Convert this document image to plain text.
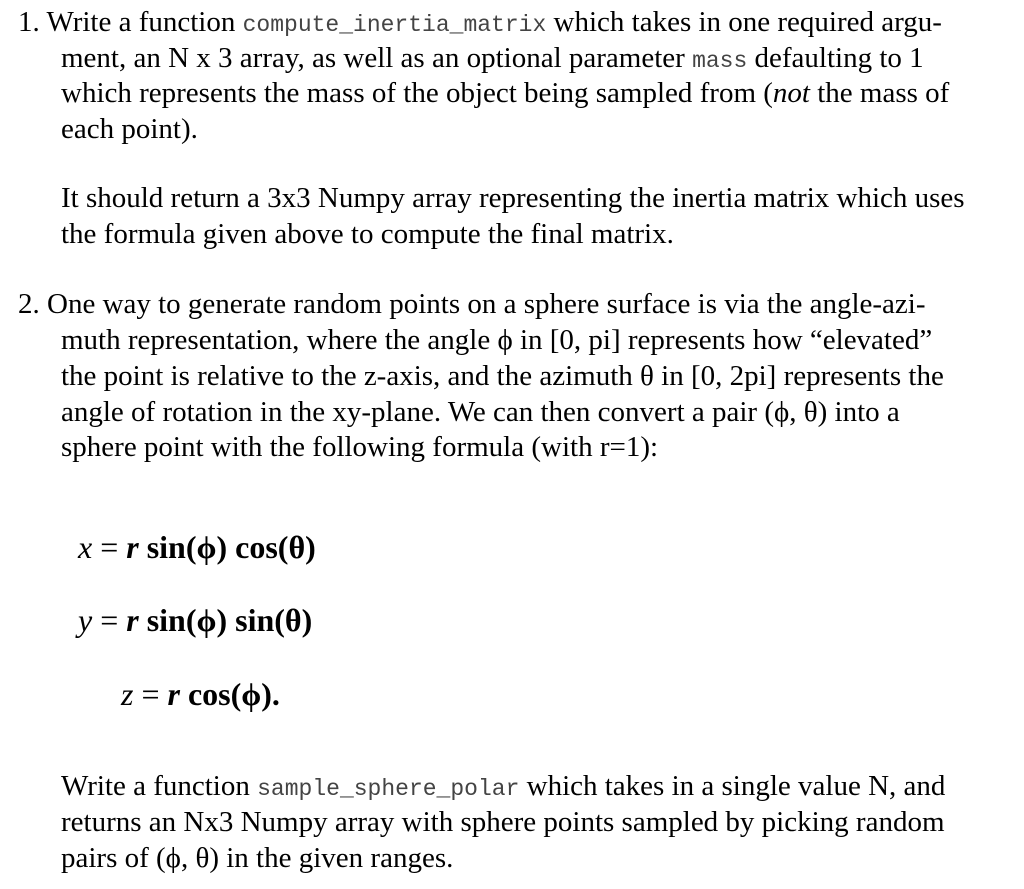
1. Write a function compute_inertia_matrix which takes in one required argu-
ment, an N x 3 array, as well as an optional parameter mass defaulting to 1
which represents the mass of the object being sampled from (not the mass of
each point).
It should return a 3x3 Numpy array representing the inertia matrix which uses
the formula given above to compute the final matrix.
2. One way to generate random points on a sphere surface is via the angle-azi-
muth representation, where the angle ϕ in [0, pi] represents how “elevated”
the point is relative to the z-axis, and the azimuth θ in [0, 2pi] represents the
angle of rotation in the xy-plane. We can then convert a pair (ϕ, θ) into a
sphere point with the following formula (with r=1):
x = r sin(ϕ) cos(θ)
y = r sin(ϕ) sin(θ)
z = r cos(ϕ).
Write a function sample_sphere_polar which takes in a single value N, and
returns an Nx3 Numpy array with sphere points sampled by picking random
pairs of (ϕ, θ) in the given ranges.
